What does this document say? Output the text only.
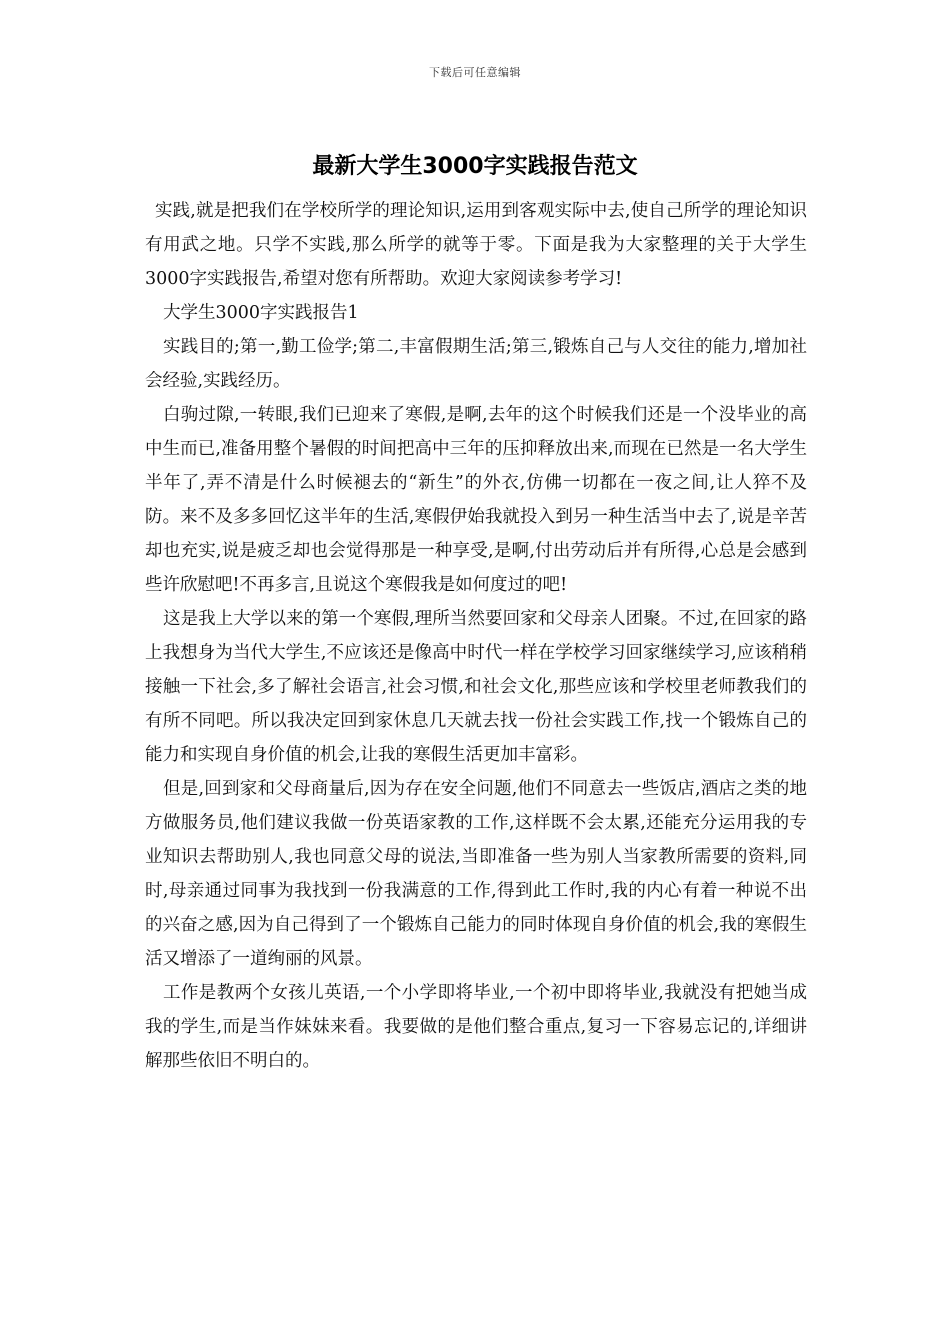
下载后可任意编辑
最新大学生3000字实践报告范文

实践,就是把我们在学校所学的理论知识,运用到客观实际中去,使自己所学的理论知识有用武之地。只学不实践,那么所学的就等于零。下面是我为大家整理的关于大学生3000字实践报告,希望对您有所帮助。欢迎大家阅读参考学习!

大学生3000字实践报告1

实践目的;第一,勤工俭学;第二,丰富假期生活;第三,锻炼自己与人交往的能力,增加社会经验,实践经历。

白驹过隙,一转眼,我们已迎来了寒假,是啊,去年的这个时候我们还是一个没毕业的高中生而已,准备用整个暑假的时间把高中三年的压抑释放出来,而现在已然是一名大学生半年了,弄不清是什么时候褪去的“新生”的外衣,仿佛一切都在一夜之间,让人猝不及防。来不及多多回忆这半年的生活,寒假伊始我就投入到另一种生活当中去了,说是辛苦却也充实,说是疲乏却也会觉得那是一种享受,是啊,付出劳动后并有所得,心总是会感到些许欣慰吧!不再多言,且说这个寒假我是如何度过的吧!

这是我上大学以来的第一个寒假,理所当然要回家和父母亲人团聚。不过,在回家的路上我想身为当代大学生,不应该还是像高中时代一样在学校学习回家继续学习,应该稍稍接触一下社会,多了解社会语言,社会习惯,和社会文化,那些应该和学校里老师教我们的有所不同吧。所以我决定回到家休息几天就去找一份社会实践工作,找一个锻炼自己的能力和实现自身价值的机会,让我的寒假生活更加丰富彩。

但是,回到家和父母商量后,因为存在安全问题,他们不同意去一些饭店,酒店之类的地方做服务员,他们建议我做一份英语家教的工作,这样既不会太累,还能充分运用我的专业知识去帮助别人,我也同意父母的说法,当即准备一些为别人当家教所需要的资料,同时,母亲通过同事为我找到一份我满意的工作,得到此工作时,我的内心有着一种说不出的兴奋之感,因为自己得到了一个锻炼自己能力的同时体现自身价值的机会,我的寒假生活又增添了一道绚丽的风景。

工作是教两个女孩儿英语,一个小学即将毕业,一个初中即将毕业,我就没有把她当成我的学生,而是当作妹妹来看。我要做的是他们整合重点,复习一下容易忘记的,详细讲解那些依旧不明白的。
